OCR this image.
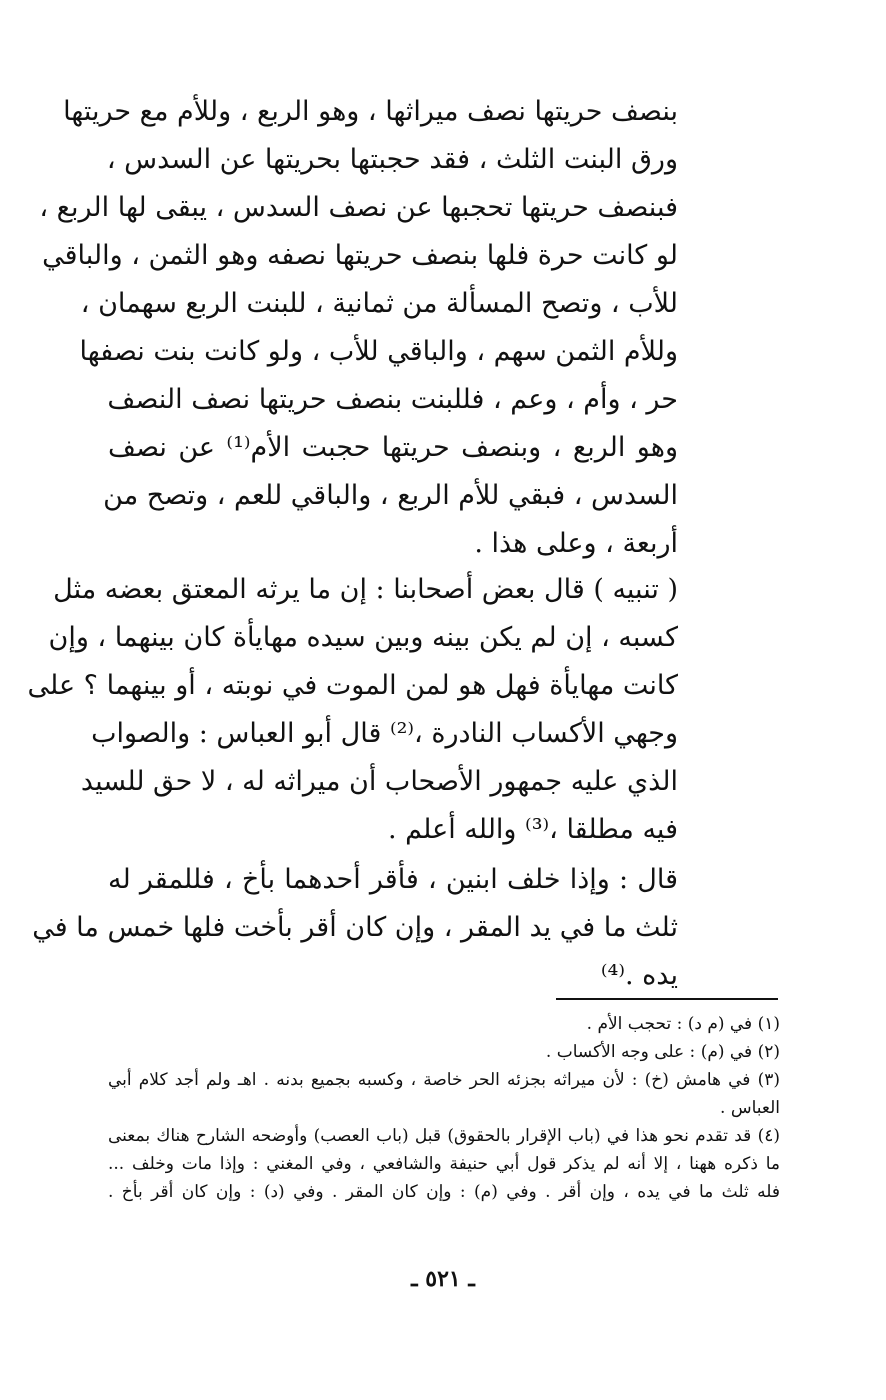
بنصف حريتها نصف ميراثها ، وهو الربع ، وللأم مع حريتها
ورق البنت الثلث ، فقد حجبتها بحريتها عن السدس ،
فبنصف حريتها تحجبها عن نصف السدس ، يبقى لها الربع ،
لو كانت حرة فلها بنصف حريتها نصفه وهو الثمن ، والباقي
للأب ، وتصح المسألة من ثمانية ، للبنت الربع سهمان ،
وللأم الثمن سهم ، والباقي للأب ، ولو كانت بنت نصفها
حر ، وأم ، وعم ، فللبنت بنصف حريتها نصف النصف
وهو الربع ، وبنصف حريتها حجبت الأم⁽¹⁾ عن نصف
السدس ، فبقي للأم الربع ، والباقي للعم ، وتصح من
أربعة ، وعلى هذا .
( تنبيه ) قال بعض أصحابنا : إن ما يرثه المعتق بعضه مثل
كسبه ، إن لم يكن بينه وبين سيده مهايأة كان بينهما ، وإن
كانت مهايأة فهل هو لمن الموت في نوبته ، أو بينهما ؟ على
وجهي الأكساب النادرة ،⁽²⁾ قال أبو العباس : والصواب
الذي عليه جمهور الأصحاب أن ميراثه له ، لا حق للسيد
فيه مطلقا ،⁽³⁾ والله أعلم .
قال : وإذا خلف ابنين ، فأقر أحدهما بأخ ، فللمقر له
ثلث ما في يد المقر ، وإن كان أقر بأخت فلها خمس ما في
يده .⁽⁴⁾
(١) في (م د) : تحجب الأم .
(٢) في (م) : على وجه الأكساب .
(٣) في هامش (خ) : لأن ميراثه بجزئه الحر خاصة ، وكسبه بجميع بدنه . اهـ ولم أجد كلام أبي
العباس .
(٤) قد تقدم نحو هذا في (باب الإقرار بالحقوق) قبل (باب العصب) وأوضحه الشارح هناك بمعنى
ما ذكره ههنا ، إلا أنه لم يذكر قول أبي حنيفة والشافعي ، وفي المغني : وإذا مات وخلف ...
فله ثلث ما في يده ، وإن أقر . وفي (م) : وإن كان المقر . وفي (د) : وإن كان أقر بأخ .
ـ ٥٢١ ـ
